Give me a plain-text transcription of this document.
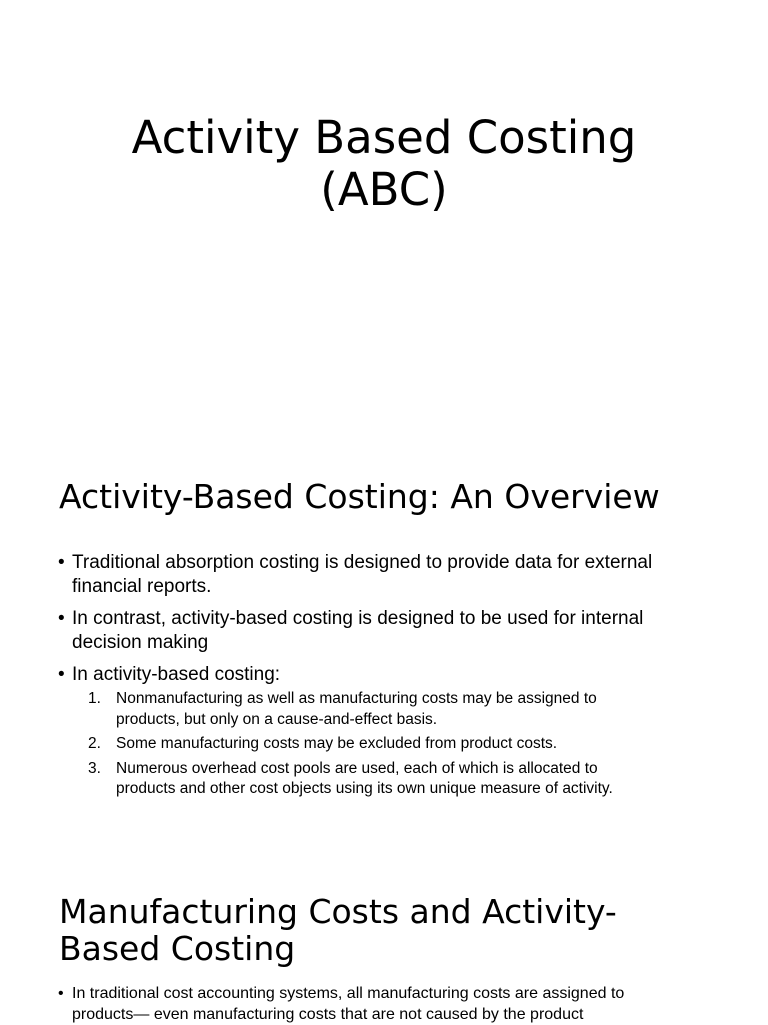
Activity Based Costing
(ABC)
Activity-Based Costing: An Overview
• Traditional absorption costing is designed to provide data for external
financial reports.
• In contrast, activity-based costing is designed to be used for internal
decision making
• In activity-based costing:
1. Nonmanufacturing as well as manufacturing costs may be assigned to
products, but only on a cause-and-effect basis.
2. Some manufacturing costs may be excluded from product costs.
3. Numerous overhead cost pools are used, each of which is allocated to
products and other cost objects using its own unique measure of activity.
Manufacturing Costs and Activity-
Based Costing
• In traditional cost accounting systems, all manufacturing costs are assigned to
products— even manufacturing costs that are not caused by the product
